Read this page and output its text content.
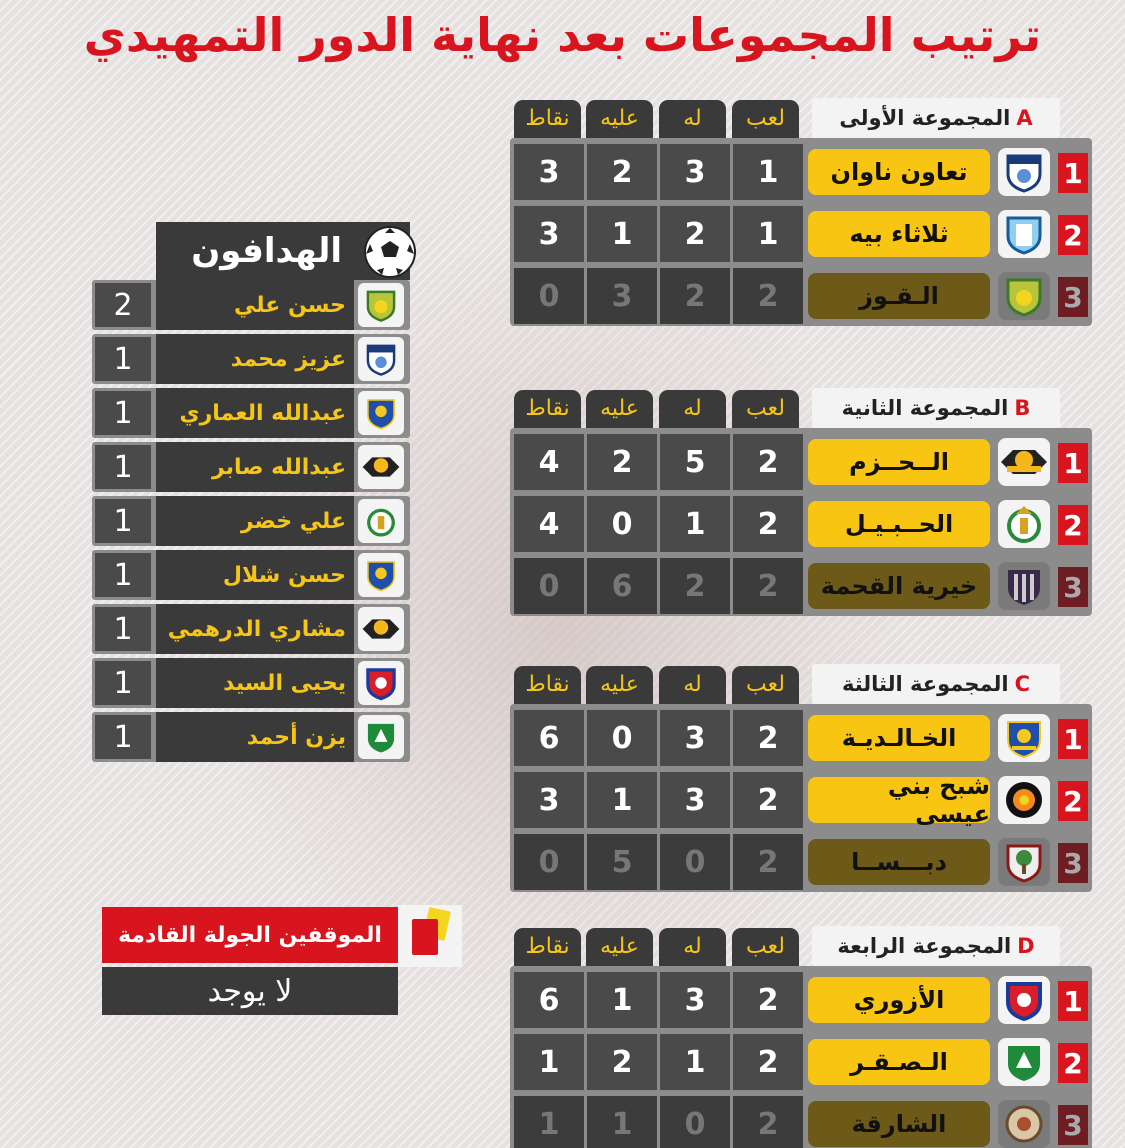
ترتيب المجموعات بعد نهاية الدور التمهيدي
نقاط	عليه	له	لعب	A
المجموعة الأولى
3	2	3	1	تعاون ناوان	1
3	1	2	1	ثلاثاء بيه	2
0	3	2	2	الـقـوز	3
نقاط	عليه	له	لعب	B
المجموعة الثانية
4	2	5	2	الــحــزم	1
4	0	1	2	الحــبـيـل	2
0	6	2	2	خيرية القحمة	3
نقاط	عليه	له	لعب	C
المجموعة الثالثة
6	0	3	2	الخـالـديـة	1
3	1	3	2	شبح بني عيسى	2
0	5	0	2	دبـــســا	3
نقاط	عليه	له	لعب	D
المجموعة الرابعة
6	1	3	2	الأزوري	1
1	2	1	2	الـصـقـر	2
1	1	0	2	الشارقة	3
الهدافون
2	حسن علي
1	عزيز محمد
1	عبدالله العماري
1	عبدالله صابر
1	علي خضر
1	حسن شلال
1	مشاري الدرهمي
1	يحيى السيد
1	يزن أحمد
الموقفين الجولة القادمة
لا يوجد
